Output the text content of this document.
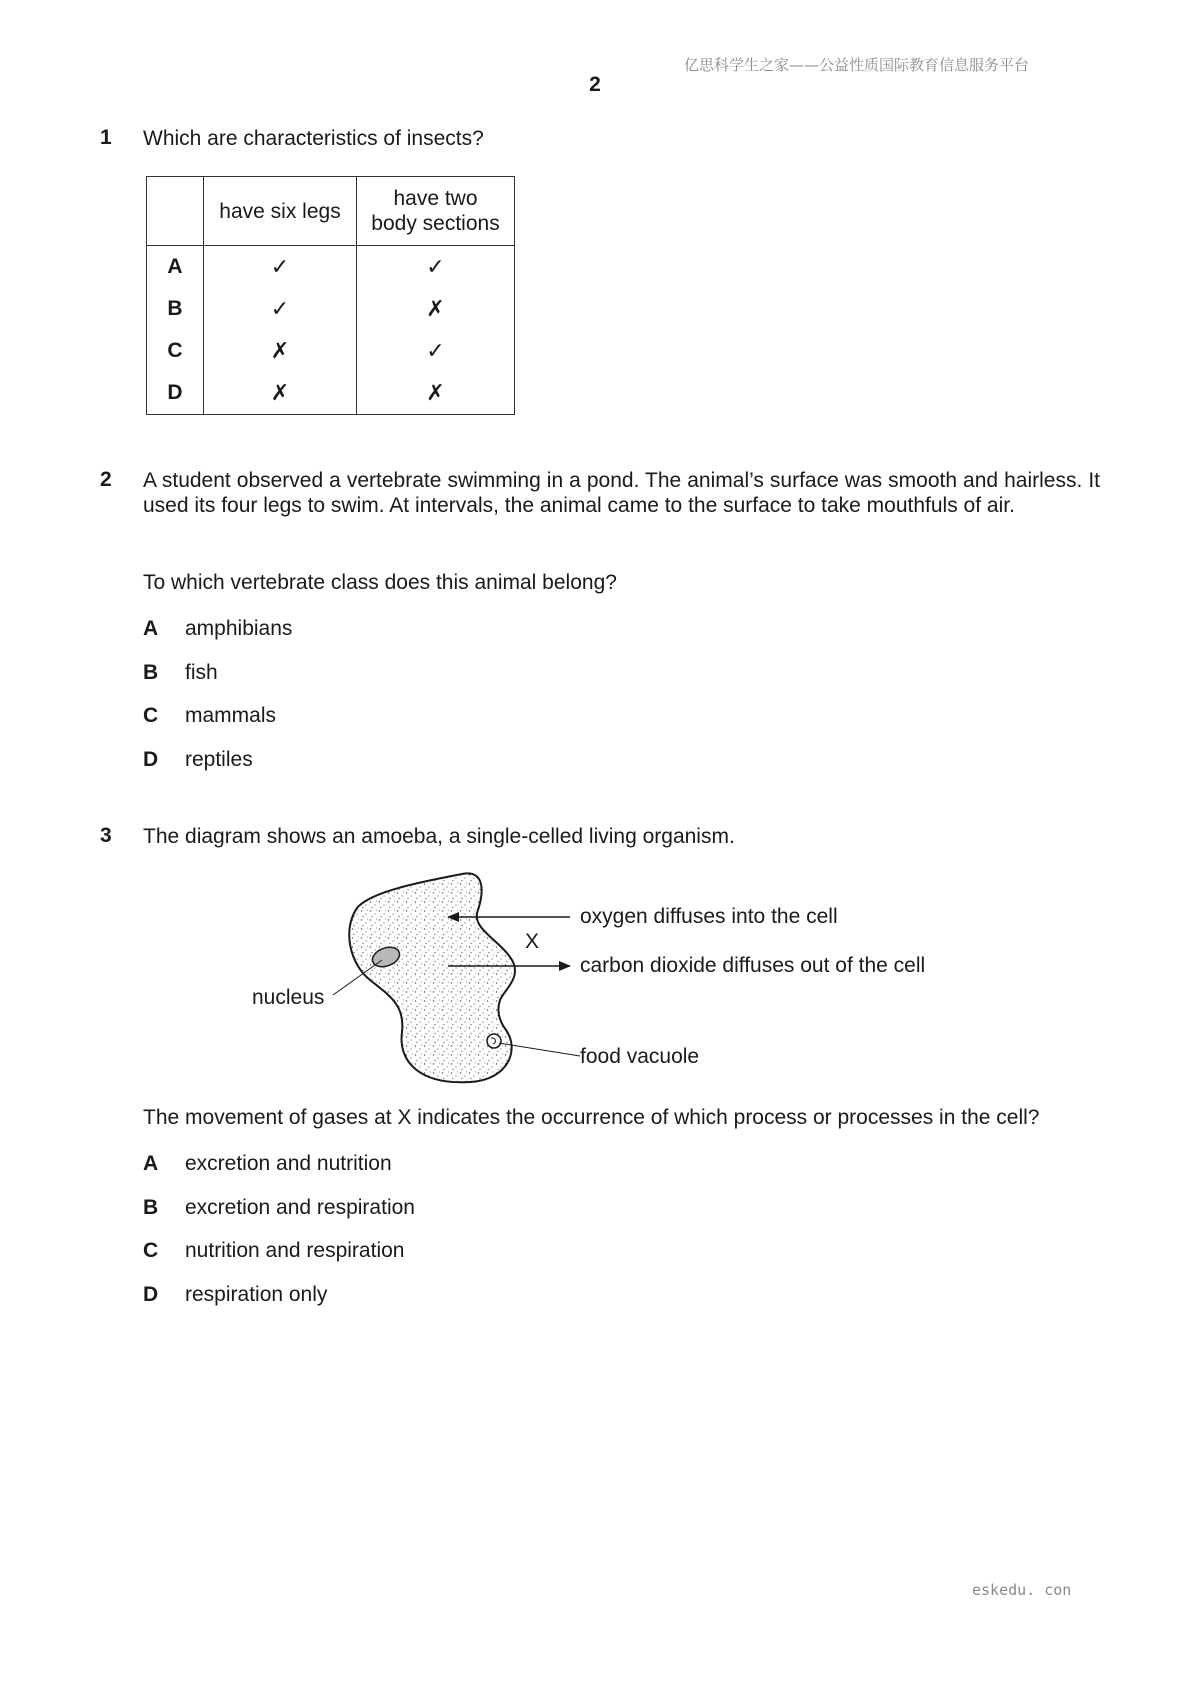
亿思科学生之家——公益性质国际教育信息服务平台
2
1 Which are characteristics of insects?
	have six legs	have two
body sections

A	✓	✓
B	✓	✗
C	✗	✓
D	✗	✗
2 A student observed a vertebrate swimming in a pond. The animal’s surface was smooth and hairless. It used its four legs to swim. At intervals, the animal came to the surface to take mouthfuls of air.
To which vertebrate class does this animal belong?
A amphibians
B fish
C mammals
D reptiles
3 The diagram shows an amoeba, a single-celled living organism.
oxygen diffuses into the cell
X
carbon dioxide diffuses out of the cell
nucleus
food vacuole
The movement of gases at X indicates the occurrence of which process or processes in the cell?
A excretion and nutrition
B excretion and respiration
C nutrition and respiration
D respiration only
eskedu. con
